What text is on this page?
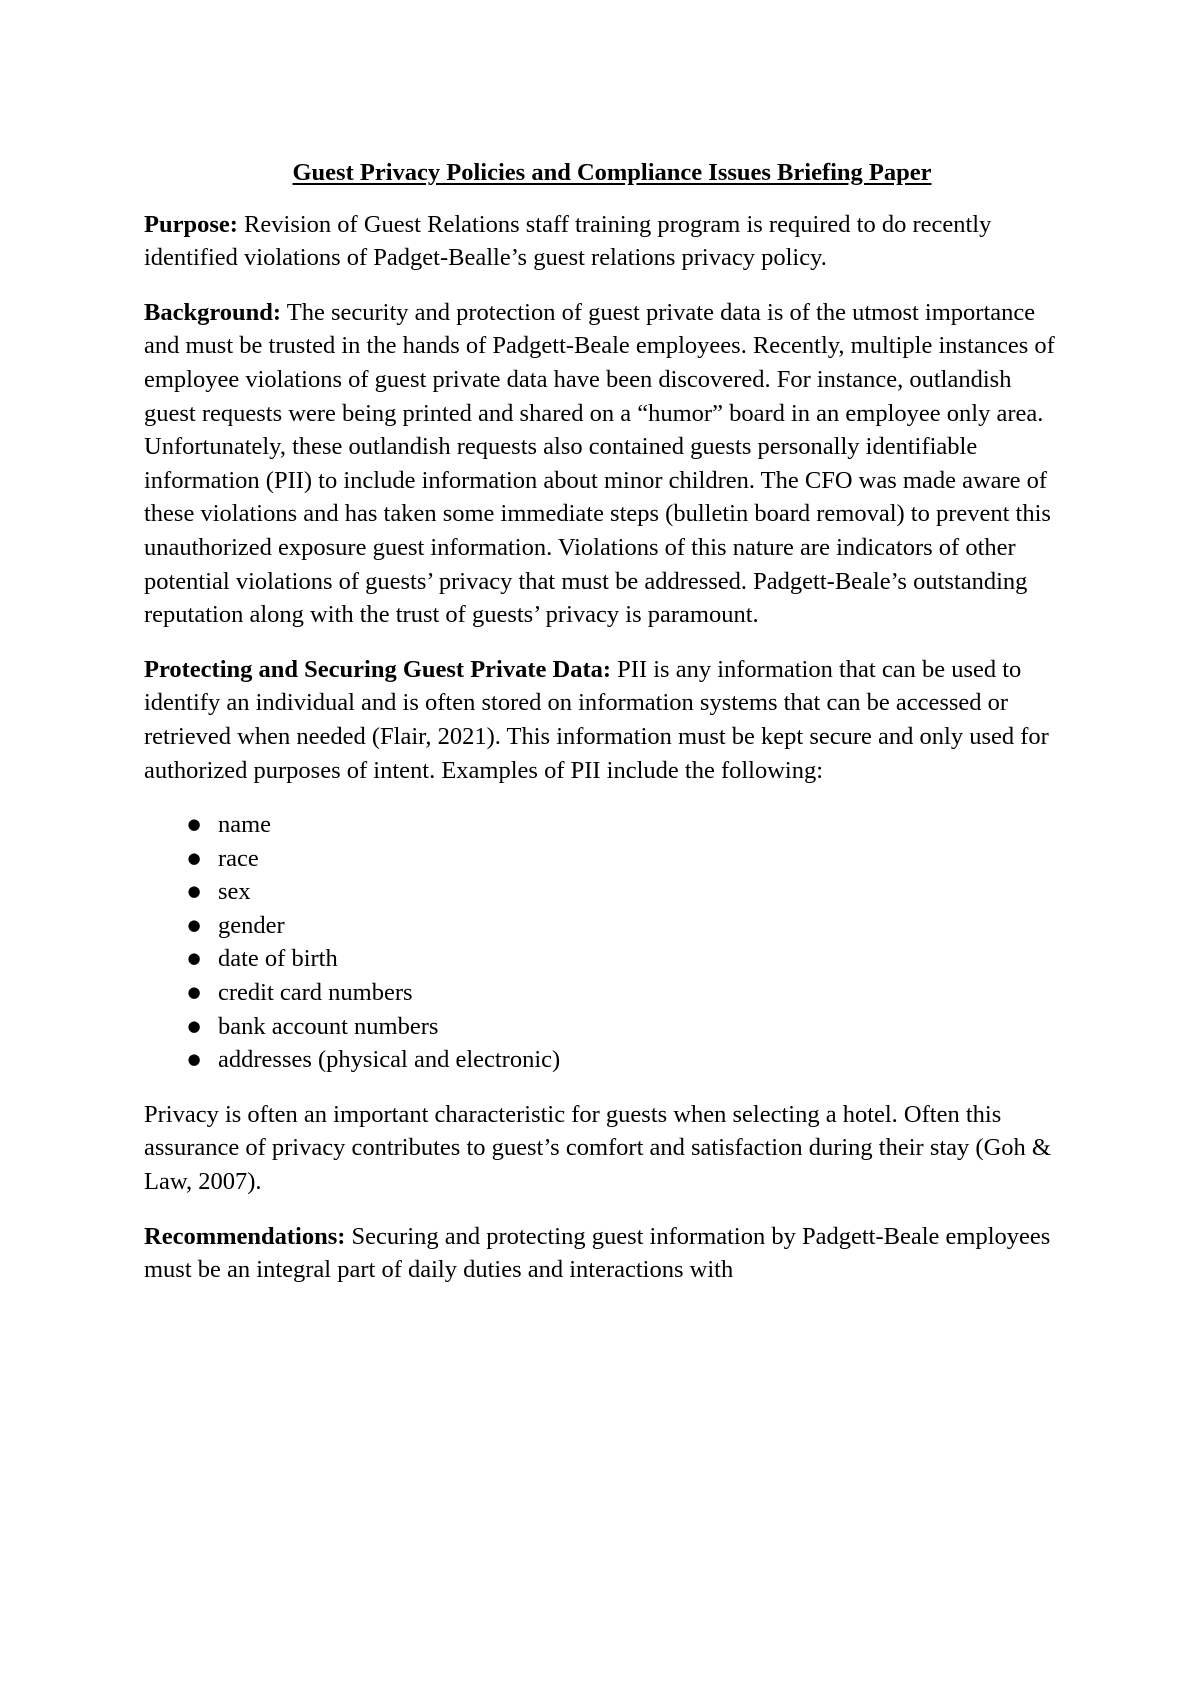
Guest Privacy Policies and Compliance Issues Briefing Paper

Purpose: Revision of Guest Relations staff training program is required to do recently identified violations of Padget-Bealle’s guest relations privacy policy.

Background: The security and protection of guest private data is of the utmost importance and must be trusted in the hands of Padgett-Beale employees. Recently, multiple instances of employee violations of guest private data have been discovered. For instance, outlandish guest requests were being printed and shared on a “humor” board in an employee only area. Unfortunately, these outlandish requests also contained guests personally identifiable information (PII) to include information about minor children. The CFO was made aware of these violations and has taken some immediate steps (bulletin board removal) to prevent this unauthorized exposure guest information. Violations of this nature are indicators of other potential violations of guests’ privacy that must be addressed. Padgett-Beale’s outstanding reputation along with the trust of guests’ privacy is paramount.

Protecting and Securing Guest Private Data: PII is any information that can be used to identify an individual and is often stored on information systems that can be accessed or retrieved when needed (Flair, 2021). This information must be kept secure and only used for authorized purposes of intent. Examples of PII include the following:

● name
● race
● sex
● gender
● date of birth
● credit card numbers
● bank account numbers
● addresses (physical and electronic)

Privacy is often an important characteristic for guests when selecting a hotel. Often this assurance of privacy contributes to guest’s comfort and satisfaction during their stay (Goh & Law, 2007).

Recommendations: Securing and protecting guest information by Padgett-Beale employees must be an integral part of daily duties and interactions with
